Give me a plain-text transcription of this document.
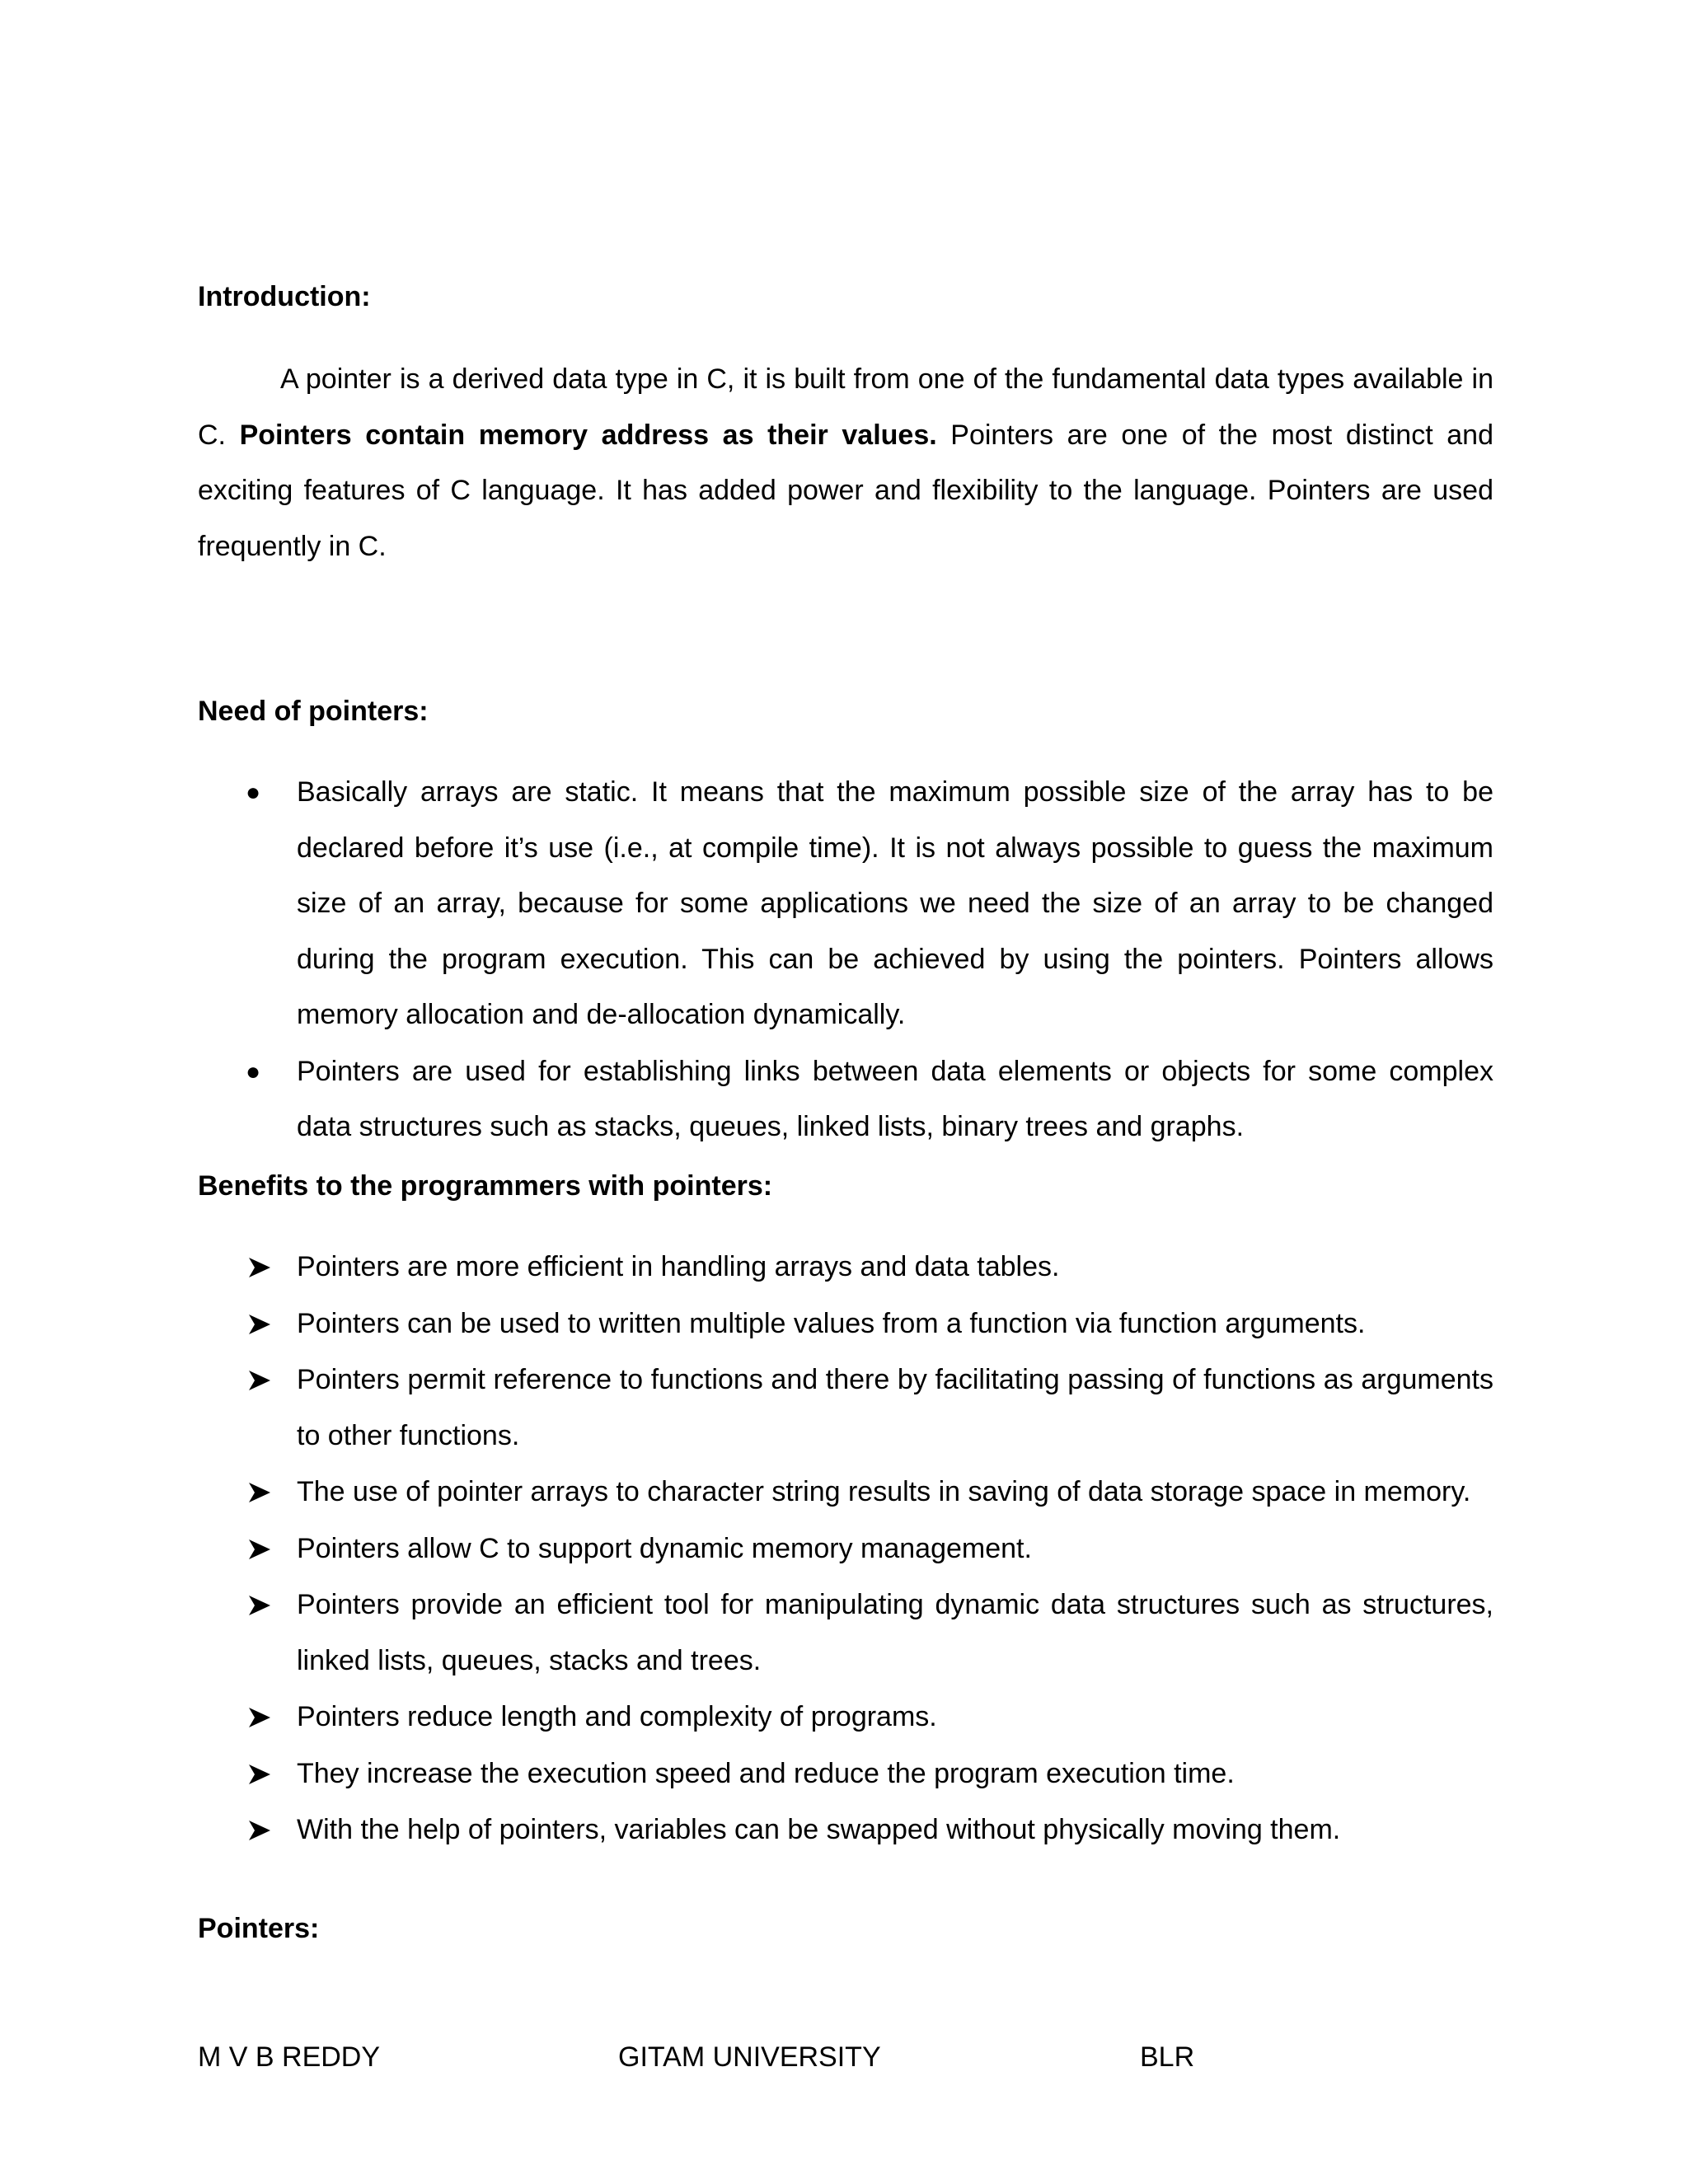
Introduction:

A pointer is a derived data type in C, it is built from one of the fundamental data types available in C. Pointers contain memory address as their values. Pointers are one of the most distinct and exciting features of C language. It has added power and flexibility to the language. Pointers are used frequently in C.

Need of pointers:
● Basically arrays are static. It means that the maximum possible size of the array has to be declared before it’s use (i.e., at compile time). It is not always possible to guess the maximum size of an array, because for some applications we need the size of an array to be changed during the program execution. This can be achieved by using the pointers. Pointers allows memory allocation and de-allocation dynamically.
● Pointers are used for establishing links between data elements or objects for some complex data structures such as stacks, queues, linked lists, binary trees and graphs.
Benefits to the programmers with pointers:
Pointers are more efficient in handling arrays and data tables.
Pointers can be used to written multiple values from a function via function arguments.
Pointers permit reference to functions and there by facilitating passing of functions as arguments to other functions.
The use of pointer arrays to character string results in saving of data storage space in memory.
Pointers allow C to support dynamic memory management.
Pointers provide an efficient tool for manipulating dynamic data structures such as structures, linked lists, queues, stacks and trees.
Pointers reduce length and complexity of programs.
They increase the execution speed and reduce the program execution time.
With the help of pointers, variables can be swapped without physically moving them.
Pointers:
M V B REDDY	GITAM UNIVERSITY	BLR
